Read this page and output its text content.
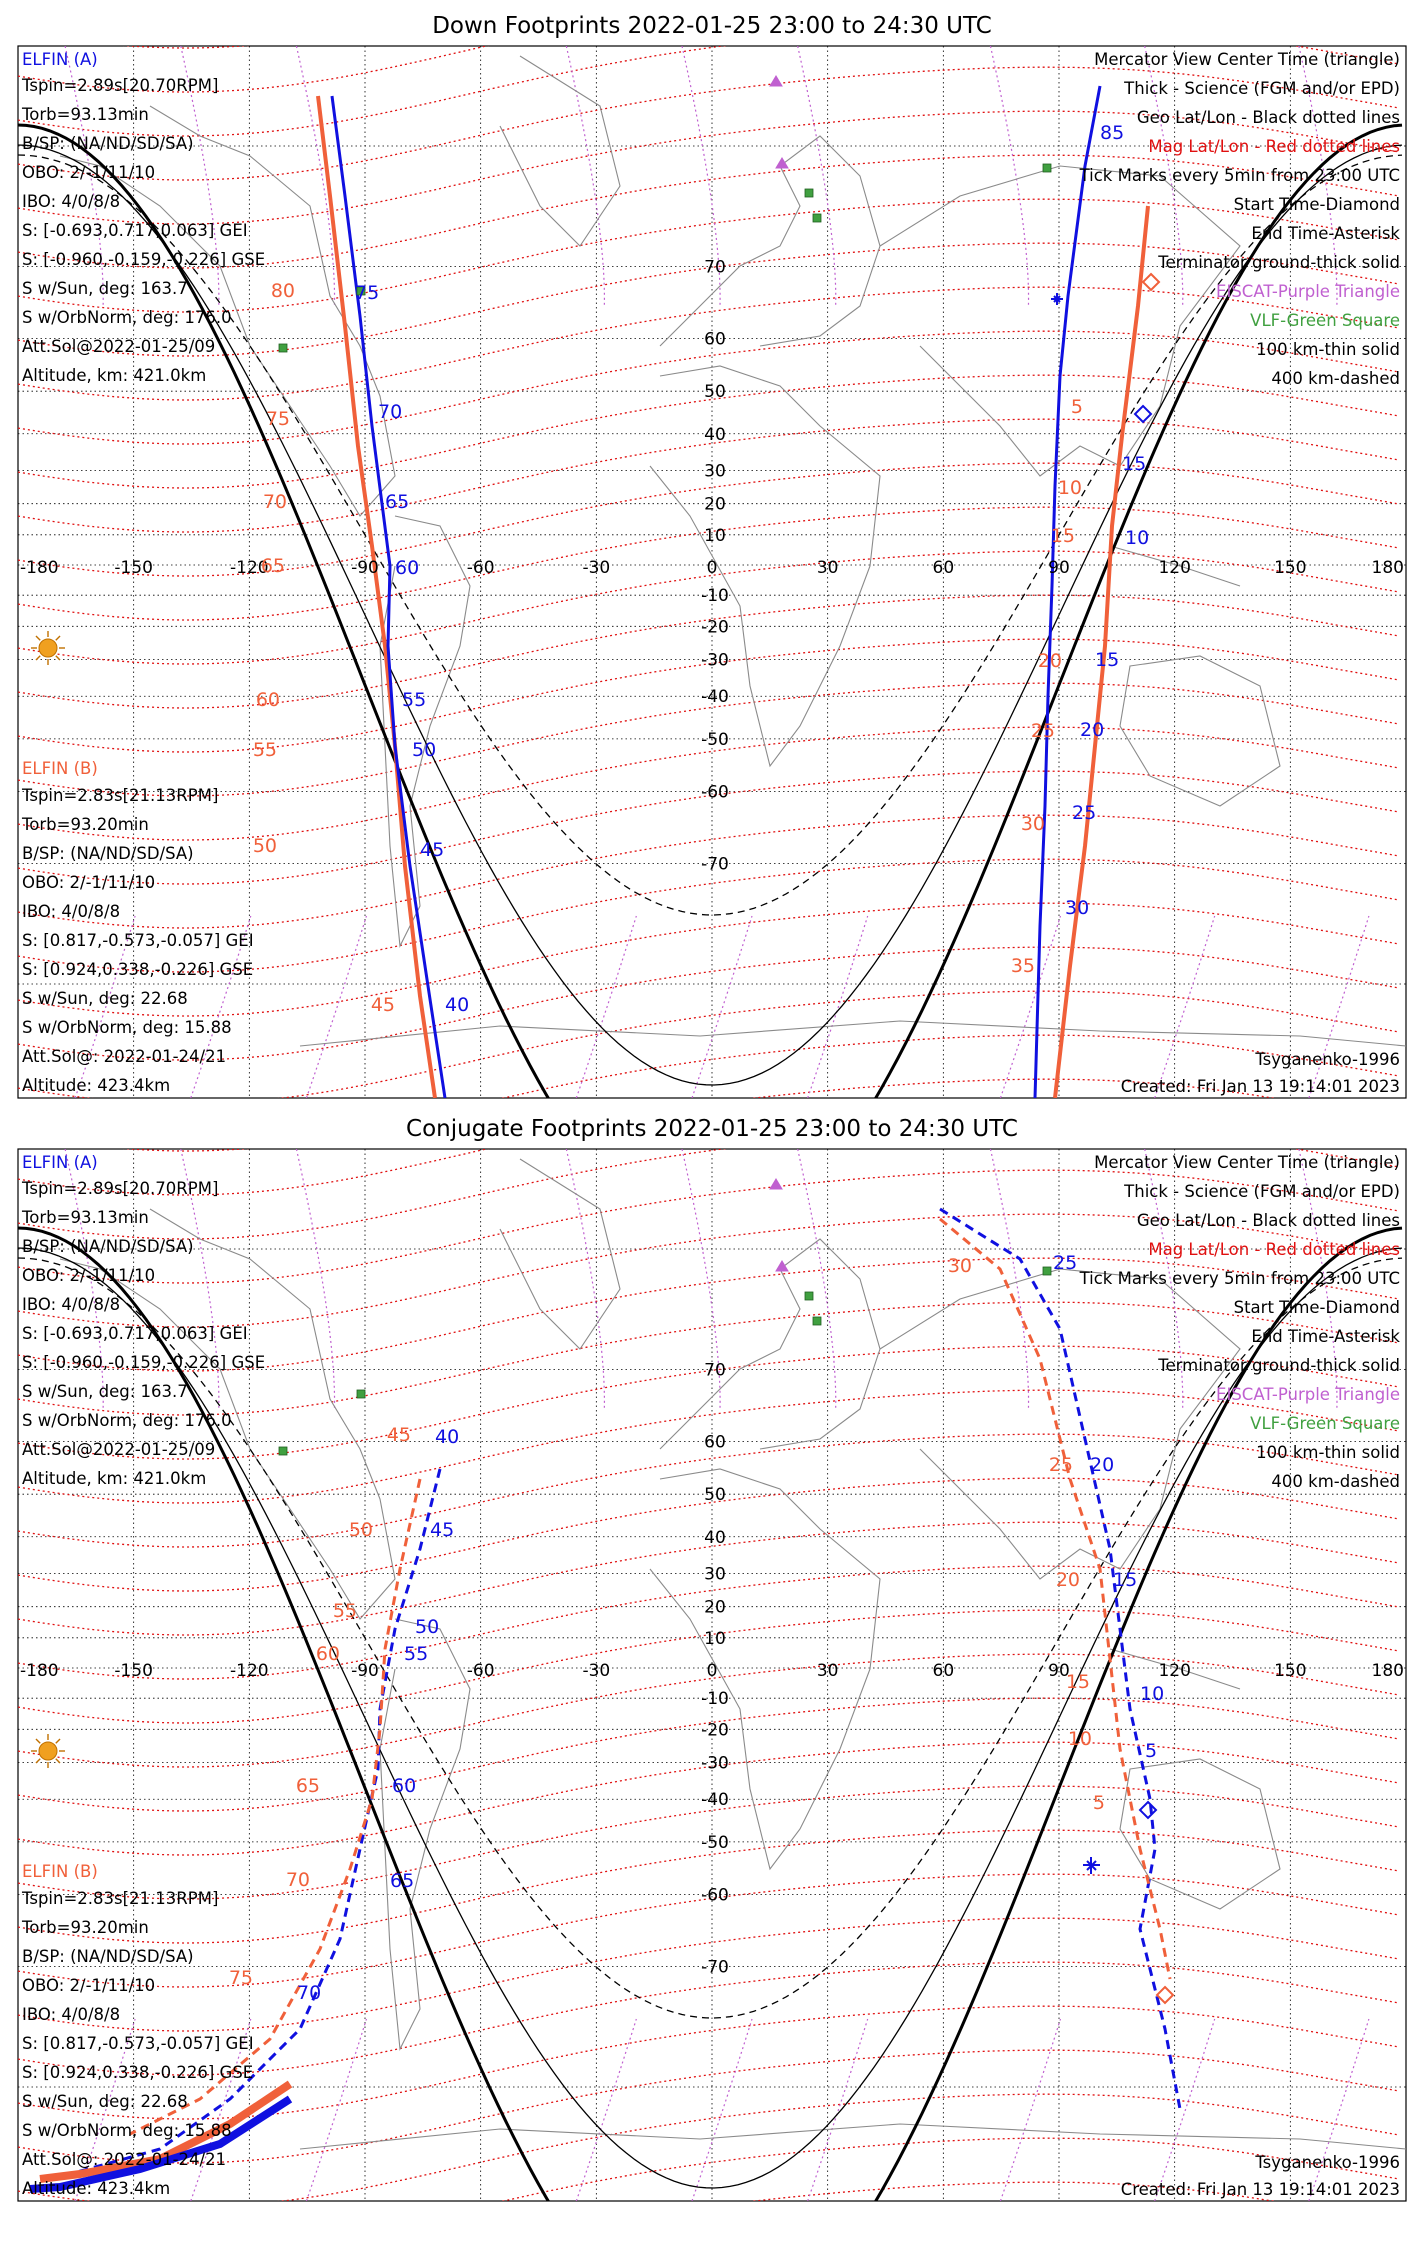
Down Footprints 2022-01-25 23:00 to 24:30 UTC
-180	-150	-120	-90	-60	-30	0	30	60	90	120	150	180
70
60
50
40
30
20
10
-10
-20
-30
-40
-50
-60
-70
85
75
70
65
60
55
50
45
40
15
10
15
20
25
30
80
75
70
65
60
55
50
45
5
10
15
20
25
30
35
ELFIN (A)
Tspin=2.89s[20.70RPM]
Torb=93.13min
B/SP: (NA/ND/SD/SA)
OBO: 2/-1/11/10
IBO: 4/0/8/8
S: [-0.693,0.717,0.063] GEI
S: [-0.960,-0.159,-0.226] GSE
S w/Sun, deg: 163.7
S w/OrbNorm, deg: 176.0
Att.Sol@2022-01-25/09
Altitude, km: 421.0km
ELFIN (B)
Tspin=2.83s[21.13RPM]
Torb=93.20min
B/SP: (NA/ND/SD/SA)
OBO: 2/-1/11/10
IBO: 4/0/8/8
S: [0.817,-0.573,-0.057] GEI
S: [0.924,0.338,-0.226] GSE
S w/Sun, deg: 22.68
S w/OrbNorm, deg: 15.88
Att.Sol@: 2022-01-24/21
Altitude: 423.4km
Mercator View Center Time (triangle)
Thick - Science (FGM and/or EPD)
Geo Lat/Lon - Black dotted lines
Mag Lat/Lon - Red dotted lines
Tick Marks every 5min from 23:00 UTC
Start Time-Diamond
End Time-Asterisk
Terminator ground-thick solid
EISCAT-Purple Triangle
VLF-Green Square
100 km-thin solid
400 km-dashed
Tsyganenko-1996
Created: Fri Jan 13 19:14:01 2023
Conjugate Footprints 2022-01-25 23:00 to 24:30 UTC
-180	-150	-120	-90	-60	-30	0	30	60	90	120	150	180
70
60
50
40
30
20
10
-10
-20
-30
-40
-50
-60
-70
25
20
15
10
5
40
45
50
55
60
65
70
30
25
20
15
10
5
45
50
55
60
65
70
75
ELFIN (A)
Tspin=2.89s[20.70RPM]
Torb=93.13min
B/SP: (NA/ND/SD/SA)
OBO: 2/-1/11/10
IBO: 4/0/8/8
S: [-0.693,0.717,0.063] GEI
S: [-0.960,-0.159,-0.226] GSE
S w/Sun, deg: 163.7
S w/OrbNorm, deg: 176.0
Att.Sol@2022-01-25/09
Altitude, km: 421.0km
ELFIN (B)
Tspin=2.83s[21.13RPM]
Torb=93.20min
B/SP: (NA/ND/SD/SA)
OBO: 2/-1/11/10
IBO: 4/0/8/8
S: [0.817,-0.573,-0.057] GEI
S: [0.924,0.338,-0.226] GSE
S w/Sun, deg: 22.68
S w/OrbNorm, deg: 15.88
Att.Sol@: 2022-01-24/21
Altitude: 423.4km
Mercator View Center Time (triangle)
Thick - Science (FGM and/or EPD)
Geo Lat/Lon - Black dotted lines
Mag Lat/Lon - Red dotted lines
Tick Marks every 5min from 23:00 UTC
Start Time-Diamond
End Time-Asterisk
Terminator ground-thick solid
EISCAT-Purple Triangle
VLF-Green Square
100 km-thin solid
400 km-dashed
Tsyganenko-1996
Created: Fri Jan 13 19:14:01 2023
